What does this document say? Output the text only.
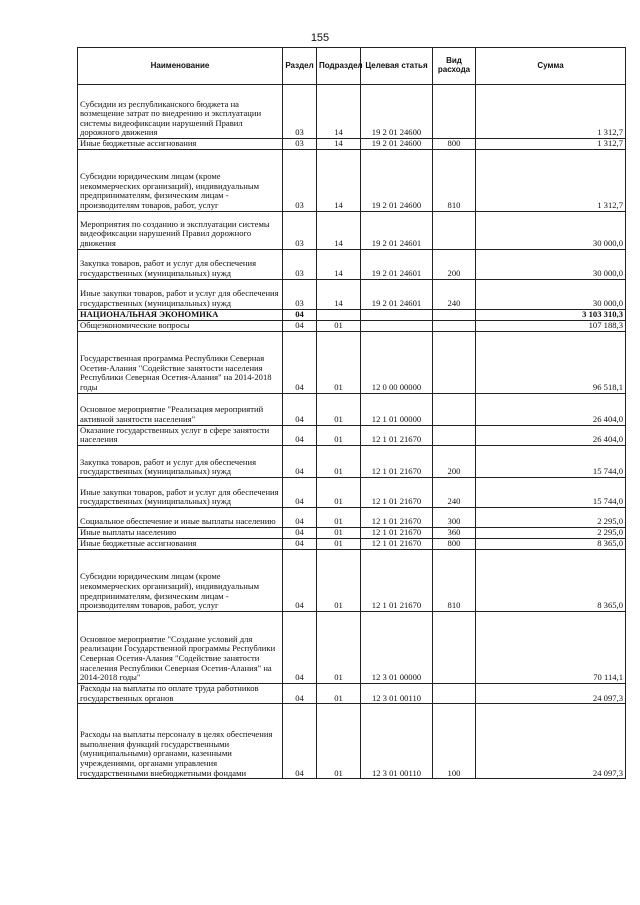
155
Наименование	Раздел	Подраздел	Целевая статья	Вид расхода	Сумма
Субсидии из республиканского бюджета на возмещение затрат по внедрению и эксплуатации системы видеофиксации нарушений Правил дорожного движения	03	14	19 2 01 24600		1 312,7
Иные бюджетные ассигнования	03	14	19 2 01 24600	800	1 312,7
Субсидии юридическим лицам (кроме некоммерческих организаций), индивидуальным предпринимателям, физическим лицам - производителям товаров, работ, услуг	03	14	19 2 01 24600	810	1 312,7
Мероприятия по созданию и эксплуатации системы видеофиксации нарушений Правил дорожного движения	03	14	19 2 01 24601		30 000,0
Закупка товаров, работ и услуг для обеспечения государственных (муниципальных) нужд	03	14	19 2 01 24601	200	30 000,0
Иные закупки товаров, работ и услуг для обеспечения государственных (муниципальных) нужд	03	14	19 2 01 24601	240	30 000,0
НАЦИОНАЛЬНАЯ ЭКОНОМИКА	04				3 103 310,3
Общеэкономические вопросы	04	01			107 188,3
Государственная программа Республики Северная Осетия-Алания "Содействие занятости населения Республики Северная Осетия-Алания" на 2014-2018 годы	04	01	12 0 00 00000		96 518,1
Основное мероприятие "Реализация мероприятий активной занятости населения"	04	01	12 1 01 00000		26 404,0
Оказание государственных услуг в сфере занятости населения	04	01	12 1 01 21670		26 404,0
Закупка товаров, работ и услуг для обеспечения государственных (муниципальных) нужд	04	01	12 1 01 21670	200	15 744,0
Иные закупки товаров, работ и услуг для обеспечения государственных (муниципальных) нужд	04	01	12 1 01 21670	240	15 744,0
Социальное обеспечение и иные выплаты населению	04	01	12 1 01 21670	300	2 295,0
Иные выплаты населению	04	01	12 1 01 21670	360	2 295,0
Иные бюджетные ассигнования	04	01	12 1 01 21670	800	8 365,0
Субсидии юридическим лицам (кроме некоммерческих организаций), индивидуальным предпринимателям, физическим лицам - производителям товаров, работ, услуг	04	01	12 1 01 21670	810	8 365,0
Основное мероприятие "Создание условий для реализации Государственной программы Республики Северная Осетия-Алания "Содействие занятости населения Республики Северная Осетия-Алания" на 2014-2018 годы"	04	01	12 3 01 00000		70 114,1
Расходы на выплаты по оплате труда работников государственных органов	04	01	12 3 01 00110		24 097,3
Расходы на выплаты персоналу в целях обеспечения выполнения функций государственными (муниципальными) органами, казенными учреждениями, органами управления государственными внебюджетными фондами	04	01	12 3 01 00110	100	24 097,3
